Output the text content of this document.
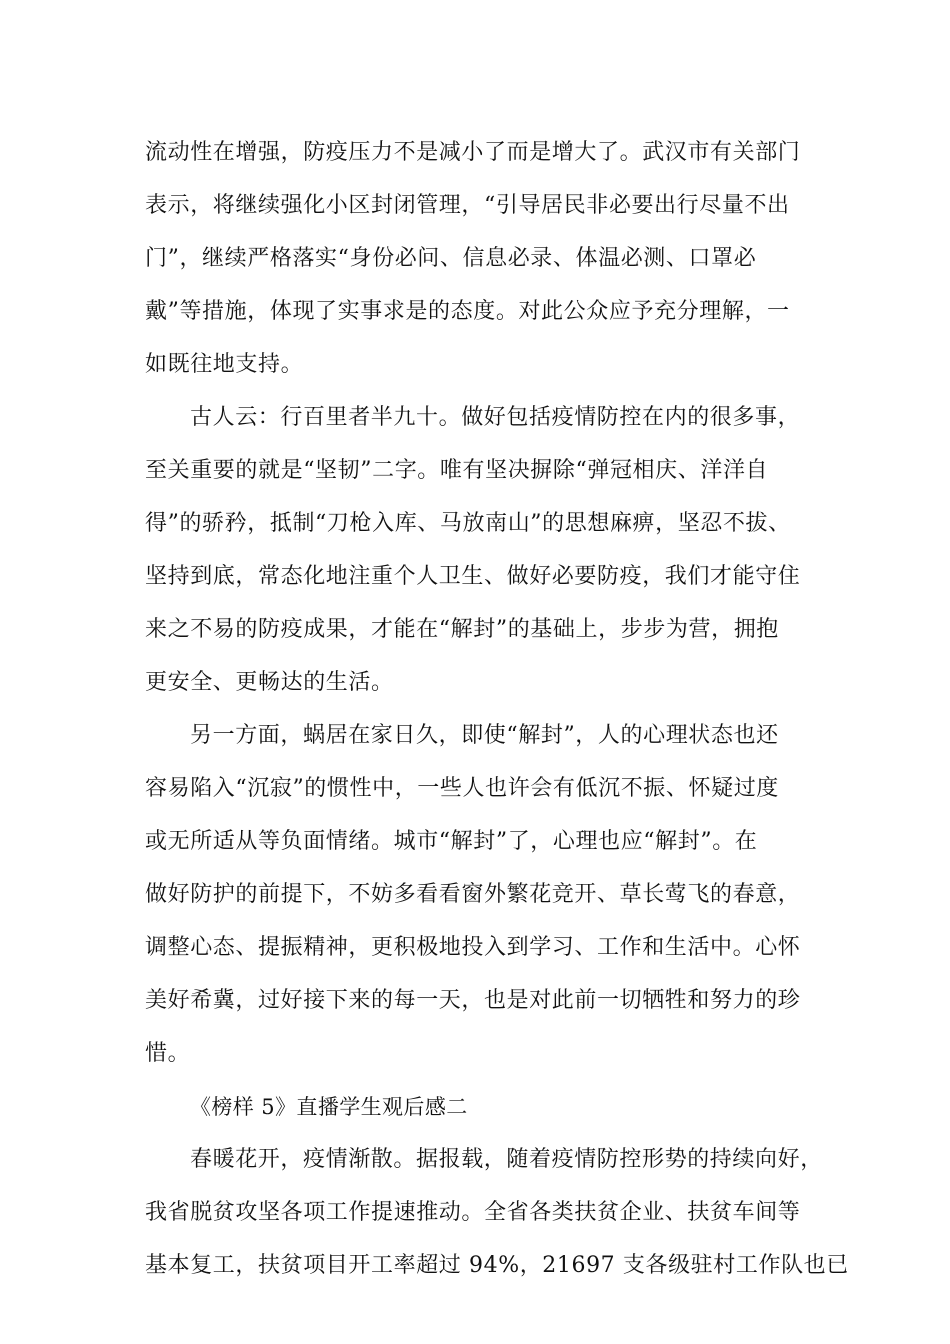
流动性在增强，防疫压力不是减小了而是增大了。武汉市有关部门
表示，将继续强化小区封闭管理，“引导居民非必要出行尽量不出
门”，继续严格落实“身份必问、信息必录、体温必测、口罩必
戴”等措施，体现了实事求是的态度。对此公众应予充分理解，一
如既往地支持。
古人云：行百里者半九十。做好包括疫情防控在内的很多事，
至关重要的就是“坚韧”二字。唯有坚决摒除“弹冠相庆、洋洋自
得”的骄矜，抵制“刀枪入库、马放南山”的思想麻痹，坚忍不拔、
坚持到底，常态化地注重个人卫生、做好必要防疫，我们才能守住
来之不易的防疫成果，才能在“解封”的基础上，步步为营，拥抱
更安全、更畅达的生活。
另一方面，蜗居在家日久，即使“解封”，人的心理状态也还
容易陷入“沉寂”的惯性中，一些人也许会有低沉不振、怀疑过度
或无所适从等负面情绪。城市“解封”了，心理也应“解封”。在
做好防护的前提下，不妨多看看窗外繁花竞开、草长莺飞的春意，
调整心态、提振精神，更积极地投入到学习、工作和生活中。心怀
美好希冀，过好接下来的每一天，也是对此前一切牺牲和努力的珍
惜。
《榜样 5》直播学生观后感二
春暖花开，疫情渐散。据报载，随着疫情防控形势的持续向好，
我省脱贫攻坚各项工作提速推动。全省各类扶贫企业、扶贫车间等
基本复工，扶贫项目开工率超过 94%，21697 支各级驻村工作队也已
